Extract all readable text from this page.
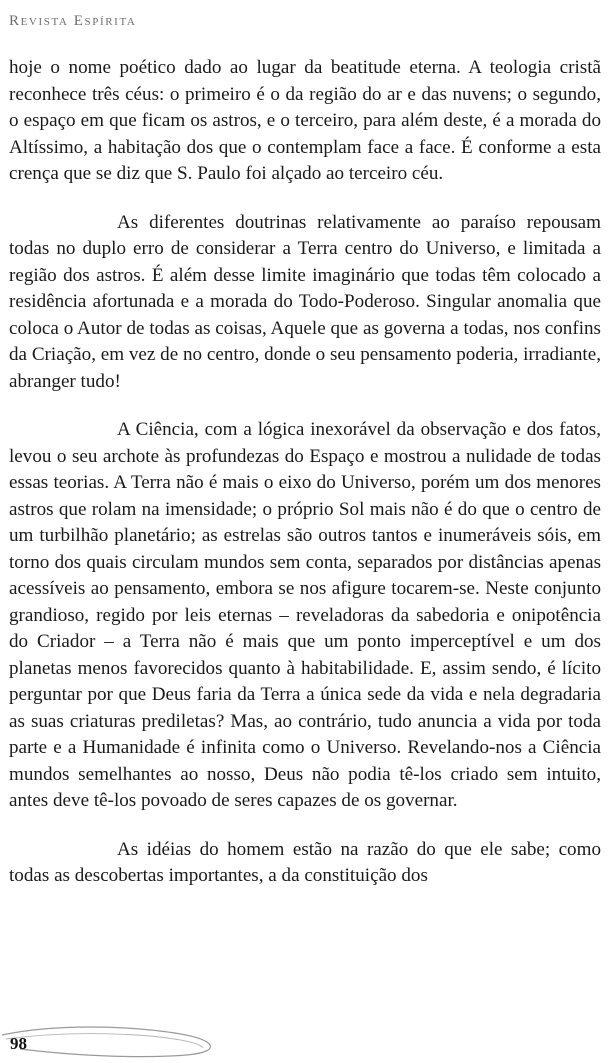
Revista Espírita

hoje o nome poético dado ao lugar da beatitude eterna. A teologia cristã reconhece três céus: o primeiro é o da região do ar e das nuvens; o segundo, o espaço em que ficam os astros, e o terceiro, para além deste, é a morada do Altíssimo, a habitação dos que o contemplam face a face. É conforme a esta crença que se diz que S. Paulo foi alçado ao terceiro céu.

As diferentes doutrinas relativamente ao paraíso repousam todas no duplo erro de considerar a Terra centro do Universo, e limitada a região dos astros. É além desse limite imaginário que todas têm colocado a residência afortunada e a morada do Todo-Poderoso. Singular anomalia que coloca o Autor de todas as coisas, Aquele que as governa a todas, nos confins da Criação, em vez de no centro, donde o seu pensamento poderia, irradiante, abranger tudo!

A Ciência, com a lógica inexorável da observação e dos fatos, levou o seu archote às profundezas do Espaço e mostrou a nulidade de todas essas teorias. A Terra não é mais o eixo do Universo, porém um dos menores astros que rolam na imensidade; o próprio Sol mais não é do que o centro de um turbilhão planetário; as estrelas são outros tantos e inumeráveis sóis, em torno dos quais circulam mundos sem conta, separados por distâncias apenas acessíveis ao pensamento, embora se nos afigure tocarem-se. Neste conjunto grandioso, regido por leis eternas – reveladoras da sabedoria e onipotência do Criador – a Terra não é mais que um ponto imperceptível e um dos planetas menos favorecidos quanto à habitabilidade. E, assim sendo, é lícito perguntar por que Deus faria da Terra a única sede da vida e nela degradaria as suas criaturas prediletas? Mas, ao contrário, tudo anuncia a vida por toda parte e a Humanidade é infinita como o Universo. Revelando-nos a Ciência mundos semelhantes ao nosso, Deus não podia tê-los criado sem intuito, antes deve tê-los povoado de seres capazes de os governar.

As idéias do homem estão na razão do que ele sabe; como todas as descobertas importantes, a da constituição dos

98
